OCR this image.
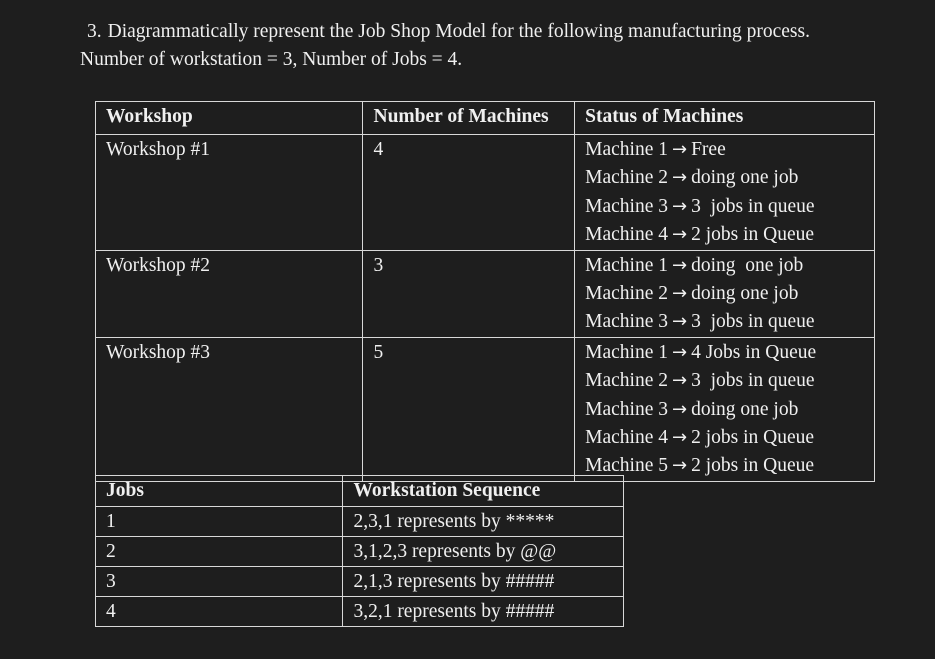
3. Diagrammatically represent the Job Shop Model for the following manufacturing process.
Number of workstation = 3, Number of Jobs = 4.
Workshop	Number of Machines	Status of Machines
Workshop #1	4	Machine 1 → Free
Machine 2 → doing one job
Machine 3 → 3  jobs in queue
Machine 4 → 2 jobs in Queue

Workshop #2	3	Machine 1 → doing  one job
Machine 2 → doing one job
Machine 3 → 3  jobs in queue

Workshop #3	5	Machine 1 → 4 Jobs in Queue
Machine 2 → 3  jobs in queue
Machine 3 → doing one job
Machine 4 → 2 jobs in Queue
Machine 5 → 2 jobs in Queue
Jobs	Workstation Sequence
1	2,3,1 represents by *****
2	3,1,2,3 represents by @@
3	2,1,3 represents by #####
4	3,2,1 represents by #####
